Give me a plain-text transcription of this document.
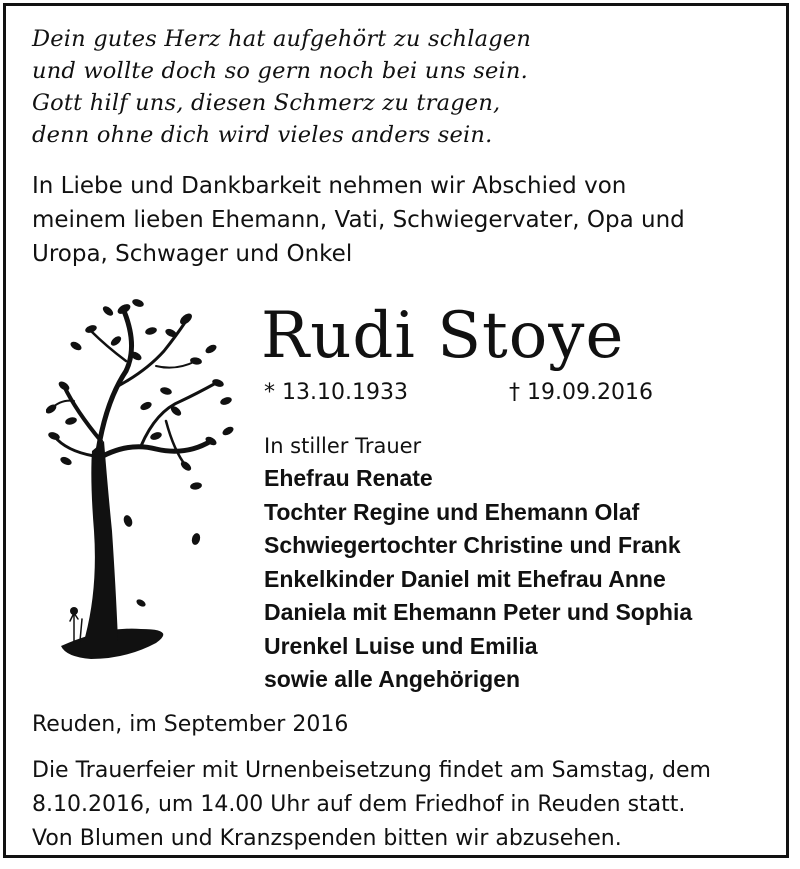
Dein gutes Herz hat aufgehört zu schlagen
und wollte doch so gern noch bei uns sein.
Gott hilf uns, diesen Schmerz zu tragen,
denn ohne dich wird vieles anders sein.
In Liebe und Dankbarkeit nehmen wir Abschied von
meinem lieben Ehemann, Vati, Schwiegervater, Opa und
Uropa, Schwager und Onkel
Rudi Stoye
* 13.10.1933	† 19.09.2016
In stiller Trauer
Ehefrau Renate
Tochter Regine und Ehemann Olaf
Schwiegertochter Christine und Frank
Enkelkinder Daniel mit Ehefrau Anne
Daniela mit Ehemann Peter und Sophia
Urenkel Luise und Emilia
sowie alle Angehörigen
Reuden, im September 2016
Die Trauerfeier mit Urnenbeisetzung findet am Samstag, dem
8.10.2016, um 14.00 Uhr auf dem Friedhof in Reuden statt.
Von Blumen und Kranzspenden bitten wir abzusehen.
